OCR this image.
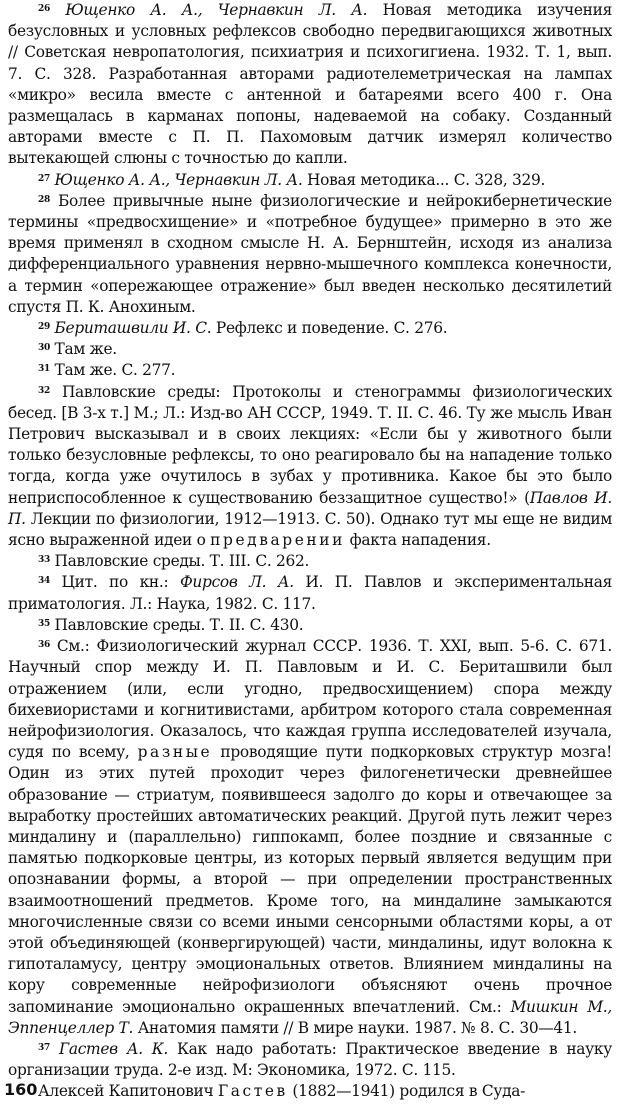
$^{26}$ Ющенко А. А., Чернавкин Л. А. Новая методика изучения безусловных и условных рефлексов свободно передвигающихся животных // Советская невропатология, психиатрия и психогигиена. 1932. Т. 1, вып. 7. С. 328. Разработанная авторами радиотелеметрическая на лампах «микро» весила вместе с антенной и батареями всего 400 г. Она размещалась в карманах попоны, надеваемой на собаку. Созданный авторами вместе с П. П. Пахомовым датчик измерял количество вытекающей слюны с точностью до капли.

$^{27}$ Ющенко А. А., Чернавкин Л. А. Новая методика... С. 328, 329.

$^{28}$ Более привычные ныне физиологические и нейрокибернетические термины «предвосхищение» и «потребное будущее» примерно в это же время применял в сходном смысле Н. А. Бернштейн, исходя из анализа дифференциального уравнения нервно-мышечного комплекса конечности, а термин «опережающее отражение» был введен несколько десятилетий спустя П. К. Анохиным.

$^{29}$ Бериташвили И. С. Рефлекс и поведение. С. 276.

$^{30}$ Там же.

$^{31}$ Там же. С. 277.

$^{32}$ Павловские среды: Протоколы и стенограммы физиологических бесед. [В 3-х т.] М.; Л.: Изд-во АН СССР, 1949. Т. II. С. 46. Ту же мысль Иван Петрович высказывал и в своих лекциях: «Если бы у животного были только безусловные рефлексы, то оно реагировало бы на нападение только тогда, когда уже очутилось в зубах у противника. Какое бы это было неприспособленное к существованию беззащитное существо!» (Павлов И. П. Лекции по физиологии, 1912—1913. С. 50). Однако тут мы еще не видим ясно выраженной идеи о предварении факта нападения.

$^{33}$ Павловские среды. Т. III. С. 262.

$^{34}$ Цит. по кн.: Фирсов Л. А. И. П. Павлов и экспериментальная приматология. Л.: Наука, 1982. С. 117.

$^{35}$ Павловские среды. Т. II. С. 430.

$^{36}$ См.: Физиологический журнал СССР. 1936. Т. XXI, вып. 5-6. С. 671. Научный спор между И. П. Павловым и И. С. Бериташвили был отражением (или, если угодно, предвосхищением) спора между бихевиористами и когнитивистами, арбитром которого стала современная нейрофизиология. Оказалось, что каждая группа исследователей изучала, судя по всему, разные проводящие пути подкорковых структур мозга! Один из этих путей проходит через филогенетически древнейшее образование — стриатум, появившееся задолго до коры и отвечающее за выработку простейших автоматических реакций. Другой путь лежит через миндалину и (параллельно) гиппокамп, более поздние и связанные с памятью подкорковые центры, из которых первый является ведущим при опознавании формы, а второй — при определении пространственных взаимоотношений предметов. Кроме того, на миндалине замыкаются многочисленные связи со всеми иными сенсорными областями коры, а от этой объединяющей (конвергирующей) части, миндалины, идут волокна к гипоталамусу, центру эмоциональных ответов. Влиянием миндалины на кору современные нейрофизиологи объясняют очень прочное запоминание эмоционально окрашенных впечатлений. См.: Мишкин М., Эппенцеллер Т. Анатомия памяти // В мире науки. 1987. № 8. С. 30—41.

$^{37}$ Гастев А. К. Как надо работать: Практическое введение в науку организации труда. 2-е изд. М: Экономика, 1972. С. 115.

Алексей Капитонович Гастев (1882—1941) родился в Суда-

160
